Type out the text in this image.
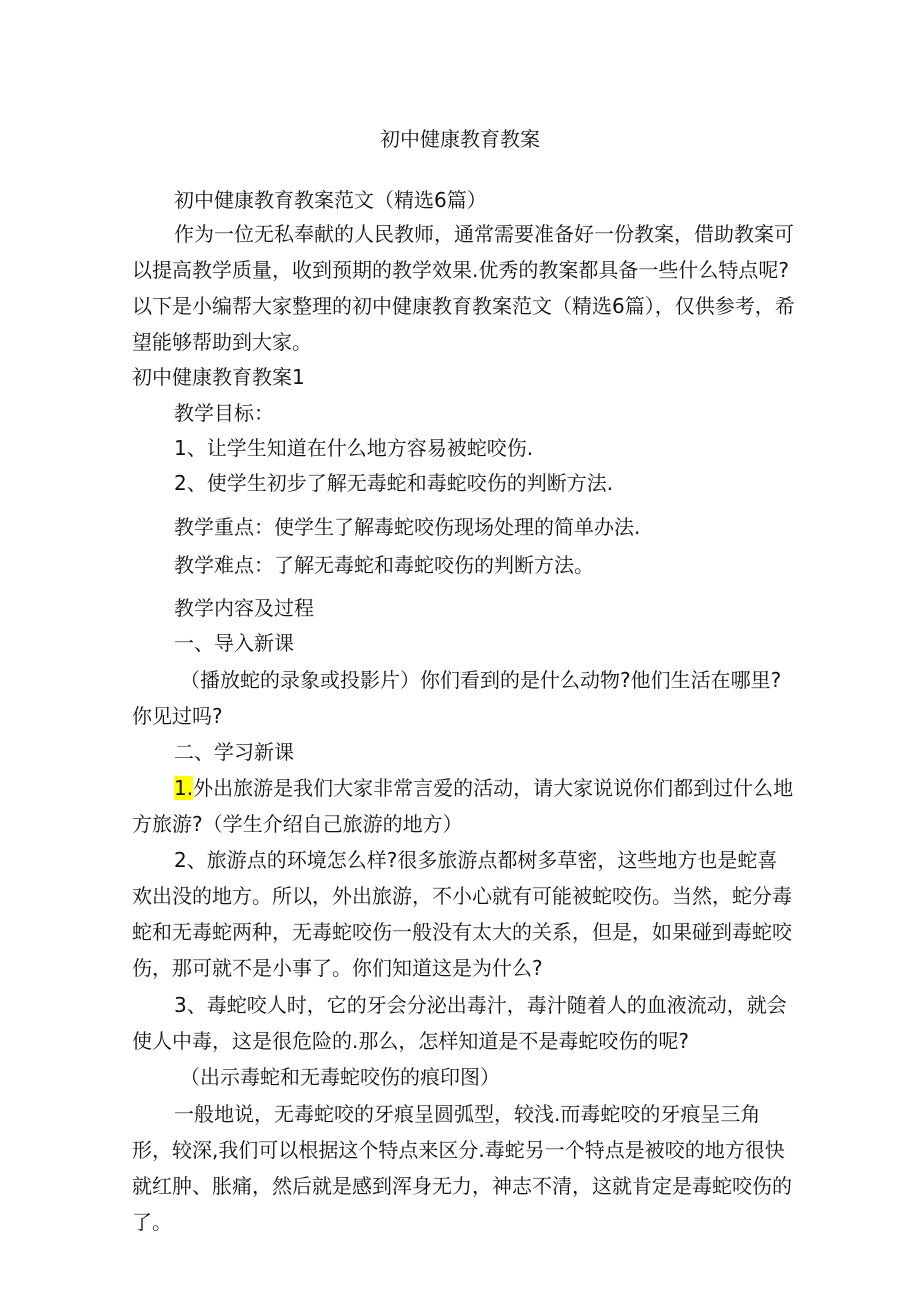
初中健康教育教案

初中健康教育教案范文（精选6篇）

作为一位无私奉献的人民教师，通常需要准备好一份教案，借助教案可以提高教学质量，收到预期的教学效果.优秀的教案都具备一些什么特点呢?以下是小编帮大家整理的初中健康教育教案范文（精选6篇），仅供参考，希望能够帮助到大家。

初中健康教育教案1

教学目标：

1、让学生知道在什么地方容易被蛇咬伤.

2、使学生初步了解无毒蛇和毒蛇咬伤的判断方法.

教学重点：使学生了解毒蛇咬伤现场处理的简单办法.

教学难点：了解无毒蛇和毒蛇咬伤的判断方法。

教学内容及过程

一、导入新课

（播放蛇的录象或投影片）你们看到的是什么动物?他们生活在哪里?你见过吗?

二、学习新课

1.外出旅游是我们大家非常言爱的活动，请大家说说你们都到过什么地方旅游?（学生介绍自己旅游的地方）

2、旅游点的环境怎么样?很多旅游点都树多草密，这些地方也是蛇喜欢出没的地方。所以，外出旅游，不小心就有可能被蛇咬伤。当然，蛇分毒蛇和无毒蛇两种，无毒蛇咬伤一般没有太大的关系，但是，如果碰到毒蛇咬伤，那可就不是小事了。你们知道这是为什么?

3、毒蛇咬人时，它的牙会分泌出毒汁，毒汁随着人的血液流动，就会使人中毒，这是很危险的.那么，怎样知道是不是毒蛇咬伤的呢?

（出示毒蛇和无毒蛇咬伤的痕印图）

一般地说，无毒蛇咬的牙痕呈圆弧型，较浅.而毒蛇咬的牙痕呈三角形，较深,我们可以根据这个特点来区分.毒蛇另一个特点是被咬的地方很快就红肿、胀痛，然后就是感到浑身无力，神志不清，这就肯定是毒蛇咬伤的了。
